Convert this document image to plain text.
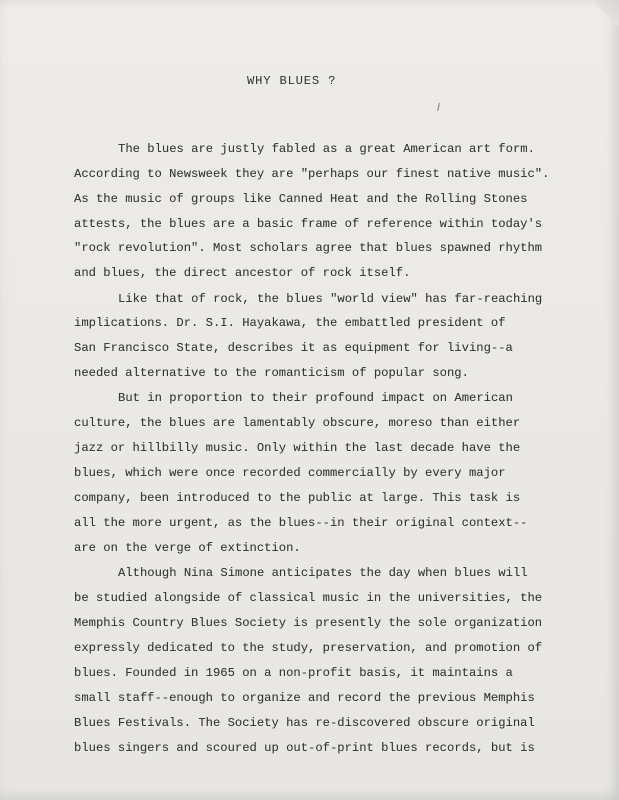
WHY BLUES ?
The blues are justly fabled as a great American art form.
According to Newsweek they are "perhaps our finest native music".
As the music of groups like Canned Heat and the Rolling Stones
attests, the blues are a basic frame of reference within today's
"rock revolution". Most scholars agree that blues spawned rhythm
and blues, the direct ancestor of rock itself.
Like that of rock, the blues "world view" has far-reaching
implications. Dr. S.I. Hayakawa, the embattled president of
San Francisco State, describes it as equipment for living--a
needed alternative to the romanticism of popular song.
But in proportion to their profound impact on American
culture, the blues are lamentably obscure, moreso than either
jazz or hillbilly music. Only within the last decade have the
blues, which were once recorded commercially by every major
company, been introduced to the public at large. This task is
all the more urgent, as the blues--in their original context--
are on the verge of extinction.
Although Nina Simone anticipates the day when blues will
be studied alongside of classical music in the universities, the
Memphis Country Blues Society is presently the sole organization
expressly dedicated to the study, preservation, and promotion of
blues. Founded in 1965 on a non-profit basis, it maintains a
small staff--enough to organize and record the previous Memphis
Blues Festivals. The Society has re-discovered obscure original
blues singers and scoured up out-of-print blues records, but is
